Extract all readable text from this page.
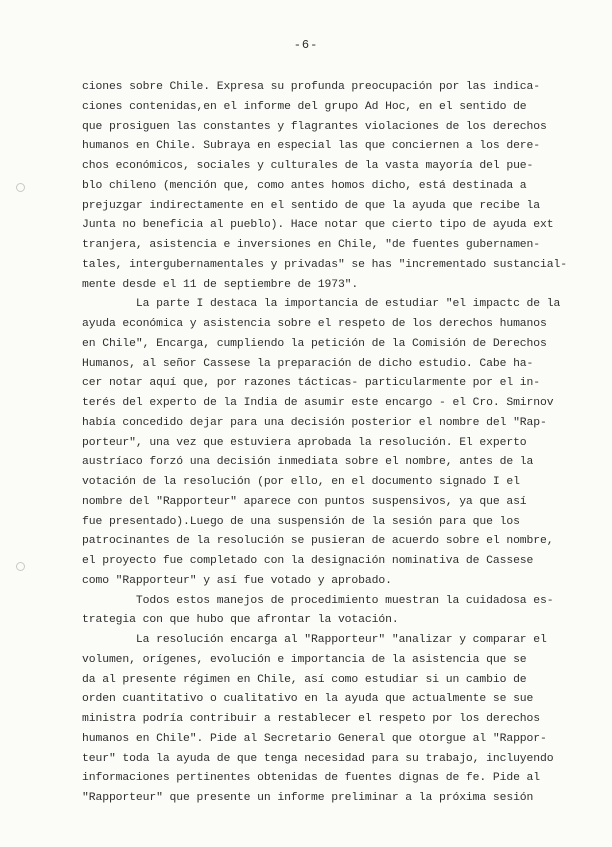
-6-
ciones sobre Chile. Expresa su profunda preocupación por las indica-
ciones contenidas,en el informe del grupo Ad Hoc, en el sentido de
que prosiguen las constantes y flagrantes violaciones de los derechos
humanos en Chile. Subraya en especial las que conciernen a los dere-
chos económicos, sociales y culturales de la vasta mayoría del pue-
blo chileno (mención que, como antes homos dicho, está destinada a
prejuzgar indirectamente en el sentido de que la ayuda que recibe la
Junta no beneficia al pueblo). Hace notar que cierto tipo de ayuda ext
tranjera, asistencia e inversiones en Chile, "de fuentes gubernamen-
tales, intergubernamentales y privadas" se has "incrementado sustancial-
mente desde el 11 de septiembre de 1973".
La parte I destaca la importancia de estudiar "el impactc de la
ayuda económica y asistencia sobre el respeto de los derechos humanos
en Chile", Encarga, cumpliendo la petición de la Comisión de Derechos
Humanos, al señor Cassese la preparación de dicho estudio. Cabe ha-
cer notar aquí que, por razones tácticas- particularmente por el in-
terés del experto de la India de asumir este encargo - el Cro. Smirnov
había concedido dejar para una decisión posterior el nombre del "Rap-
porteur", una vez que estuviera aprobada la resolución. El experto
austríaco forzó una decisión inmediata sobre el nombre, antes de la
votación de la resolución (por ello, en el documento signado I el
nombre del "Rapporteur" aparece con puntos suspensivos, ya que así
fue presentado).Luego de una suspensión de la sesión para que los
patrocinantes de la resolución se pusieran de acuerdo sobre el nombre,
el proyecto fue completado con la designación nominativa de Cassese
como "Rapporteur" y así fue votado y aprobado.
Todos estos manejos de procedimiento muestran la cuidadosa es-
trategia con que hubo que afrontar la votación.
La resolución encarga al "Rapporteur" "analizar y comparar el
volumen, orígenes, evolución e importancia de la asistencia que se
da al presente régimen en Chile, así como estudiar si un cambio de
orden cuantitativo o cualitativo en la ayuda que actualmente se sue
ministra podría contribuir a restablecer el respeto por los derechos
humanos en Chile". Pide al Secretario General que otorgue al "Rappor-
teur" toda la ayuda de que tenga necesidad para su trabajo, incluyendo
informaciones pertinentes obtenidas de fuentes dignas de fe. Pide al
"Rapporteur" que presente un informe preliminar a la próxima sesión
